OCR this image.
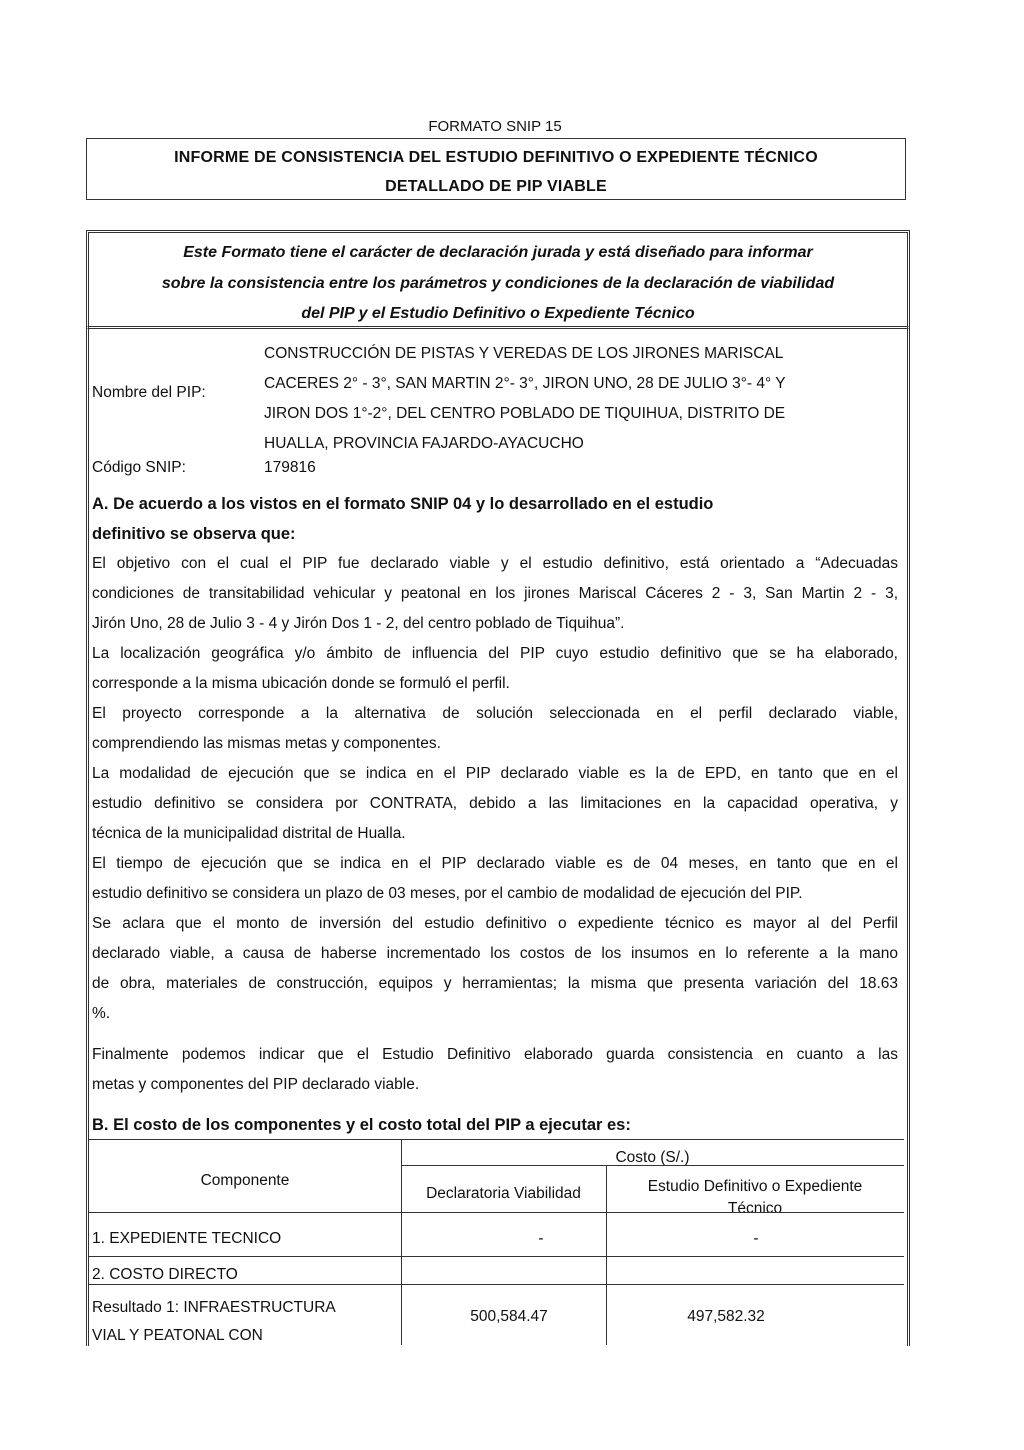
FORMATO SNIP 15
INFORME DE CONSISTENCIA DEL ESTUDIO DEFINITIVO O EXPEDIENTE TÉCNICO
DETALLADO DE PIP VIABLE
Este Formato tiene el carácter de declaración jurada y está diseñado para informar
sobre la consistencia entre los parámetros y condiciones de la declaración de viabilidad
del PIP y el Estudio Definitivo o Expediente Técnico
Nombre del PIP:
CONSTRUCCIÓN DE PISTAS Y VEREDAS DE LOS JIRONES MARISCAL
CACERES 2° - 3°, SAN MARTIN 2°- 3°, JIRON UNO, 28 DE JULIO 3°- 4° Y
JIRON DOS 1°-2°, DEL CENTRO POBLADO DE TIQUIHUA, DISTRITO DE
HUALLA, PROVINCIA FAJARDO-AYACUCHO
Código SNIP:	179816
A. De acuerdo a los vistos en el formato SNIP 04 y lo desarrollado en el estudio
definitivo se observa que:
El objetivo con el cual el PIP fue declarado viable y el estudio definitivo, está orientado a “Adecuadas
condiciones de transitabilidad vehicular y peatonal en los jirones Mariscal Cáceres 2 - 3, San Martin 2 - 3,
Jirón Uno, 28 de Julio 3 - 4 y Jirón Dos 1 - 2, del centro poblado de Tiquihua”.
La localización geográfica y/o ámbito de influencia del PIP cuyo estudio definitivo que se ha elaborado,
corresponde a la misma ubicación donde se formuló el perfil.
El proyecto corresponde a la alternativa de solución seleccionada en el perfil declarado viable,
comprendiendo las mismas metas y componentes.
La modalidad de ejecución que se indica en el PIP declarado viable es la de EPD, en tanto que en el
estudio definitivo se considera por CONTRATA, debido a las limitaciones en la capacidad operativa, y
técnica de la municipalidad distrital de Hualla.
El tiempo de ejecución que se indica en el PIP declarado viable es de 04 meses, en tanto que en el
estudio definitivo se considera un plazo de 03 meses, por el cambio de modalidad de ejecución del PIP.
Se aclara que el monto de inversión del estudio definitivo o expediente técnico es mayor al del Perfil
declarado viable, a causa de haberse incrementado los costos de los insumos en lo referente a la mano
de obra, materiales de construcción, equipos y herramientas; la misma que presenta variación del 18.63
%.
Finalmente podemos indicar que el Estudio Definitivo elaborado guarda consistencia en cuanto a las
metas y componentes del PIP declarado viable.
B. El costo de los componentes y el costo total del PIP a ejecutar es:
Componente
Costo (S/.)
Declaratoria Viabilidad	Estudio Definitivo o Expediente
Técnico
1. EXPEDIENTE TECNICO	-	-
2. COSTO DIRECTO
Resultado 1: INFRAESTRUCTURA
VIAL Y PEATONAL CON
500,584.47	497,582.32
